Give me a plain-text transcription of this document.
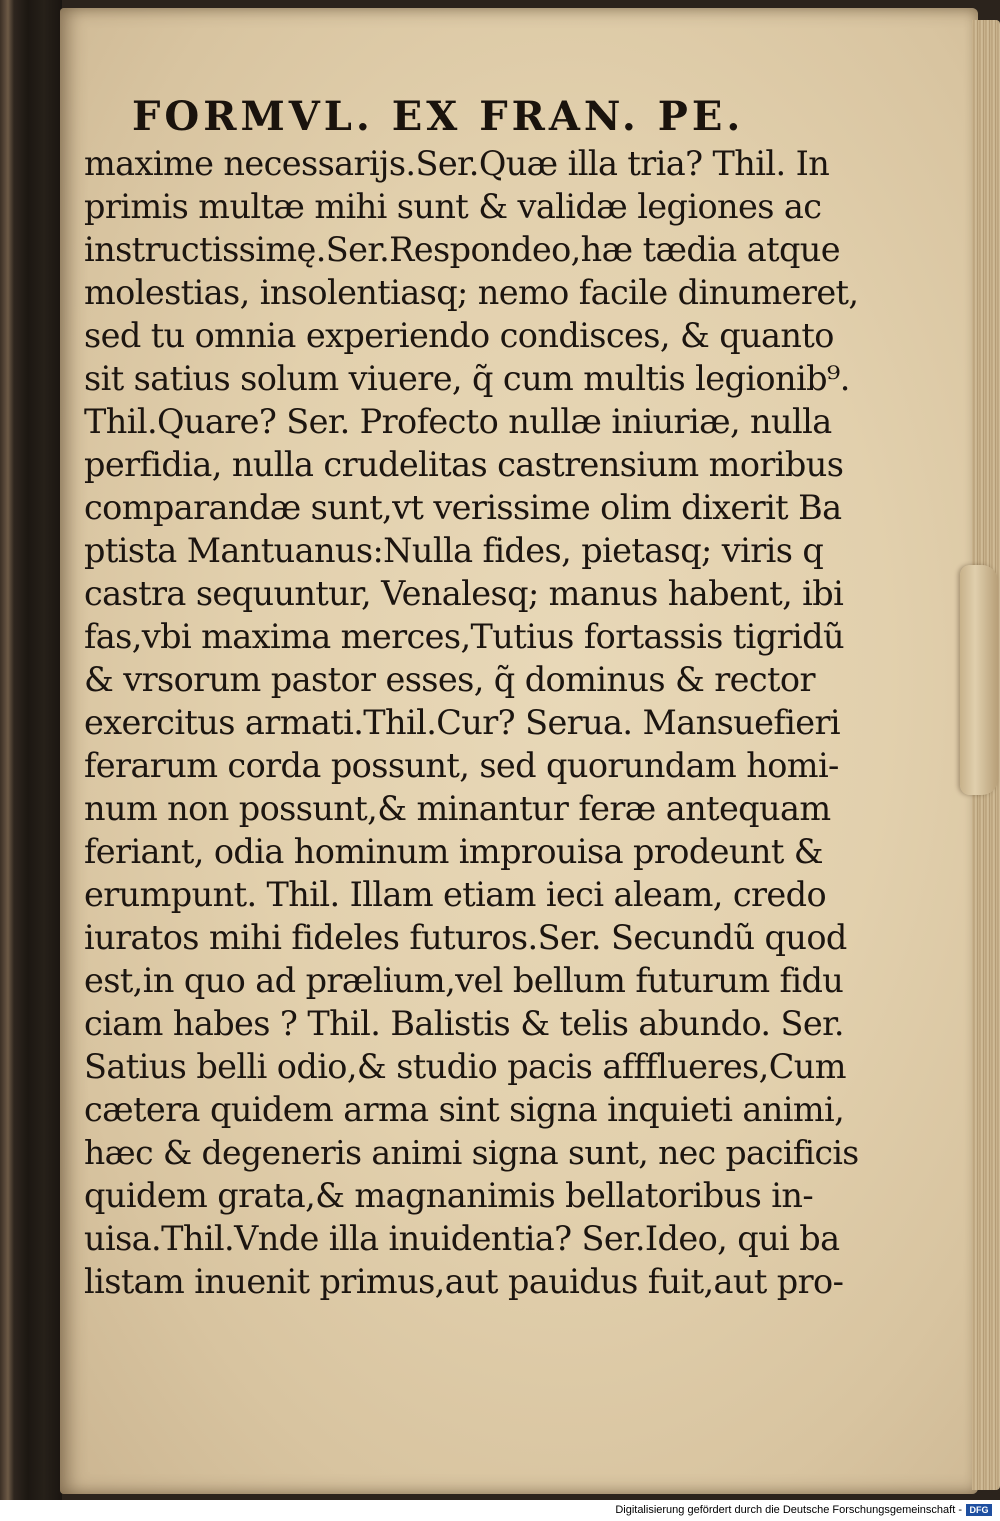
FORMVL. EX FRAN. PE.
maxime necessarijs.Ser.Quæ illa tria? Thil. In
primis multæ mihi sunt & validæ legiones ac
instructissimę.Ser.Respondeo,hæ tædia atque
molestias, insolentiasq; nemo facile dinumeret,
sed tu omnia experiendo condisces, & quanto
sit satius solum viuere, q̃ cum multis legionib⁹.
Thil.Quare? Ser. Profecto nullæ iniuriæ, nulla
perfidia, nulla crudelitas castrensium moribus
comparandæ sunt,vt verissime olim dixerit Ba
ptista Mantuanus:Nulla fides, pietasq; viris q
castra sequuntur, Venalesq; manus habent, ibi
fas,vbi maxima merces,Tutius fortassis tigridũ
& vrsorum pastor esses, q̃ dominus & rector
exercitus armati.Thil.Cur? Serua. Mansuefieri
ferarum corda possunt, sed quorundam homi-
num non possunt,& minantur feræ antequam
feriant, odia hominum improuisa prodeunt &
erumpunt. Thil. Illam etiam ieci aleam, credo
iuratos mihi fideles futuros.Ser. Secundũ quod
est,in quo ad prælium,vel bellum futurum fidu
ciam habes ? Thil. Balistis & telis abundo. Ser.
Satius belli odio,& studio pacis affflueres,Cum
cætera quidem arma sint signa inquieti animi,
hæc & degeneris animi signa sunt, nec pacificis
quidem grata,& magnanimis bellatoribus in-
uisa.Thil.Vnde illa inuidentia? Ser.Ideo, qui ba
listam inuenit primus,aut pauidus fuit,aut pro-
Digitalisierung gefördert durch die Deutsche Forschungsgemeinschaft - DFG
